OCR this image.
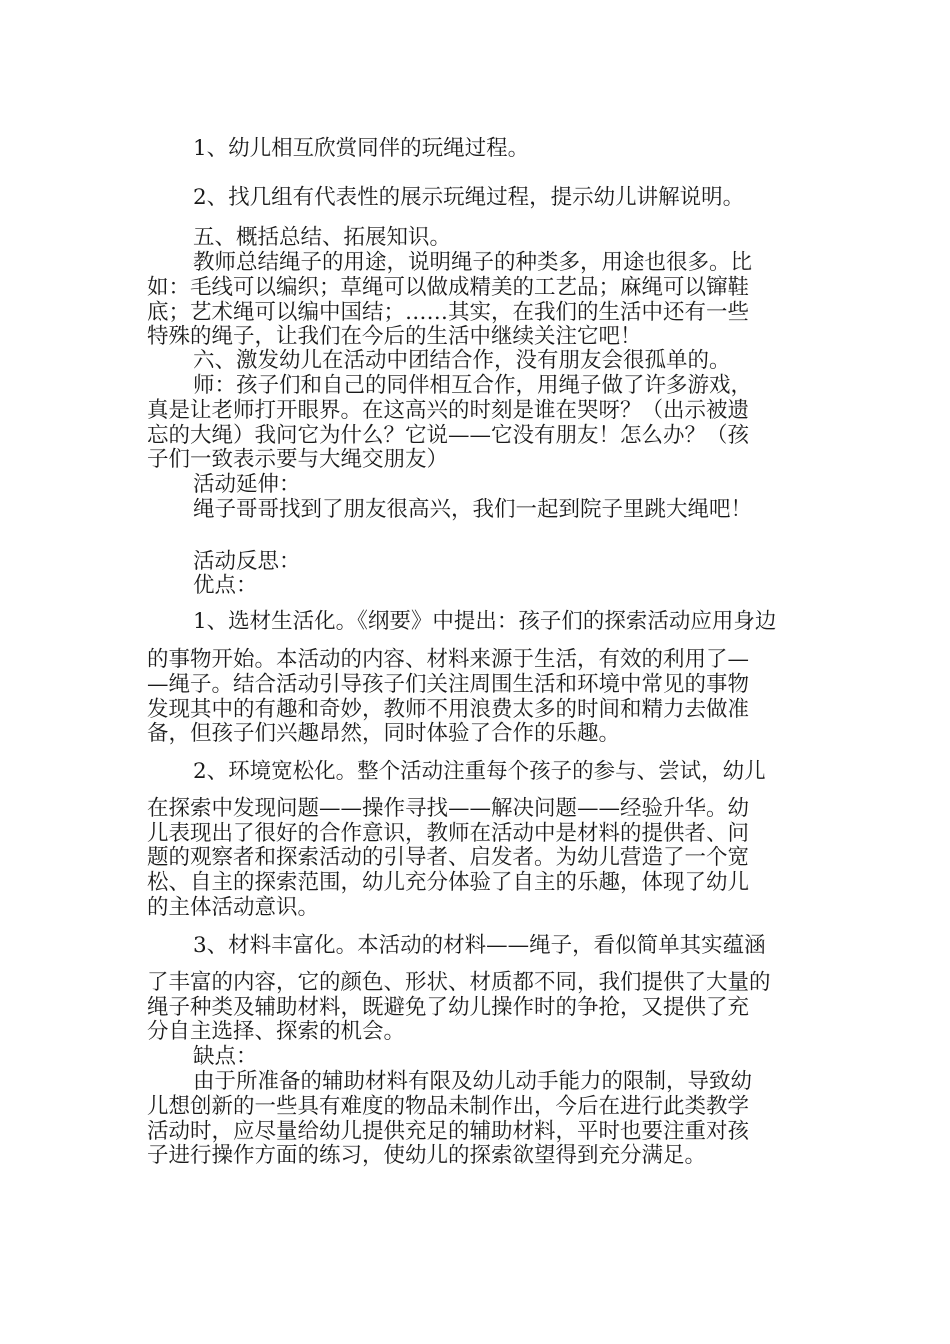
1、幼儿相互欣赏同伴的玩绳过程。
2、找几组有代表性的展示玩绳过程，提示幼儿讲解说明。
五、概括总结、拓展知识。
教师总结绳子的用途，说明绳子的种类多，用途也很多。比
如：毛线可以编织；草绳可以做成精美的工艺品；麻绳可以镩鞋
底；艺术绳可以编中国结；……其实，在我们的生活中还有一些
特殊的绳子，让我们在今后的生活中继续关注它吧！
六、激发幼儿在活动中团结合作，没有朋友会很孤单的。
师：孩子们和自己的同伴相互合作，用绳子做了许多游戏，
真是让老师打开眼界。在这高兴的时刻是谁在哭呀？（出示被遗
忘的大绳）我问它为什么？它说——它没有朋友！怎么办？（孩
子们一致表示要与大绳交朋友）
活动延伸：
绳子哥哥找到了朋友很高兴，我们一起到院子里跳大绳吧！
活动反思：
优点：
1、选材生活化。《纲要》中提出：孩子们的探索活动应用身边
的事物开始。本活动的内容、材料来源于生活，有效的利用了—
—绳子。结合活动引导孩子们关注周围生活和环境中常见的事物
发现其中的有趣和奇妙，教师不用浪费太多的时间和精力去做准
备，但孩子们兴趣昂然，同时体验了合作的乐趣。
2、环境宽松化。整个活动注重每个孩子的参与、尝试，幼儿
在探索中发现问题——操作寻找——解决问题——经验升华。幼
儿表现出了很好的合作意识，教师在活动中是材料的提供者、问
题的观察者和探索活动的引导者、启发者。为幼儿营造了一个宽
松、自主的探索范围，幼儿充分体验了自主的乐趣，体现了幼儿
的主体活动意识。
3、材料丰富化。本活动的材料——绳子，看似简单其实蕴涵
了丰富的内容，它的颜色、形状、材质都不同，我们提供了大量的
绳子种类及辅助材料，既避免了幼儿操作时的争抢，又提供了充
分自主选择、探索的机会。
缺点：
由于所准备的辅助材料有限及幼儿动手能力的限制，导致幼
儿想创新的一些具有难度的物品未制作出，今后在进行此类教学
活动时，应尽量给幼儿提供充足的辅助材料，平时也要注重对孩
子进行操作方面的练习，使幼儿的探索欲望得到充分满足。
